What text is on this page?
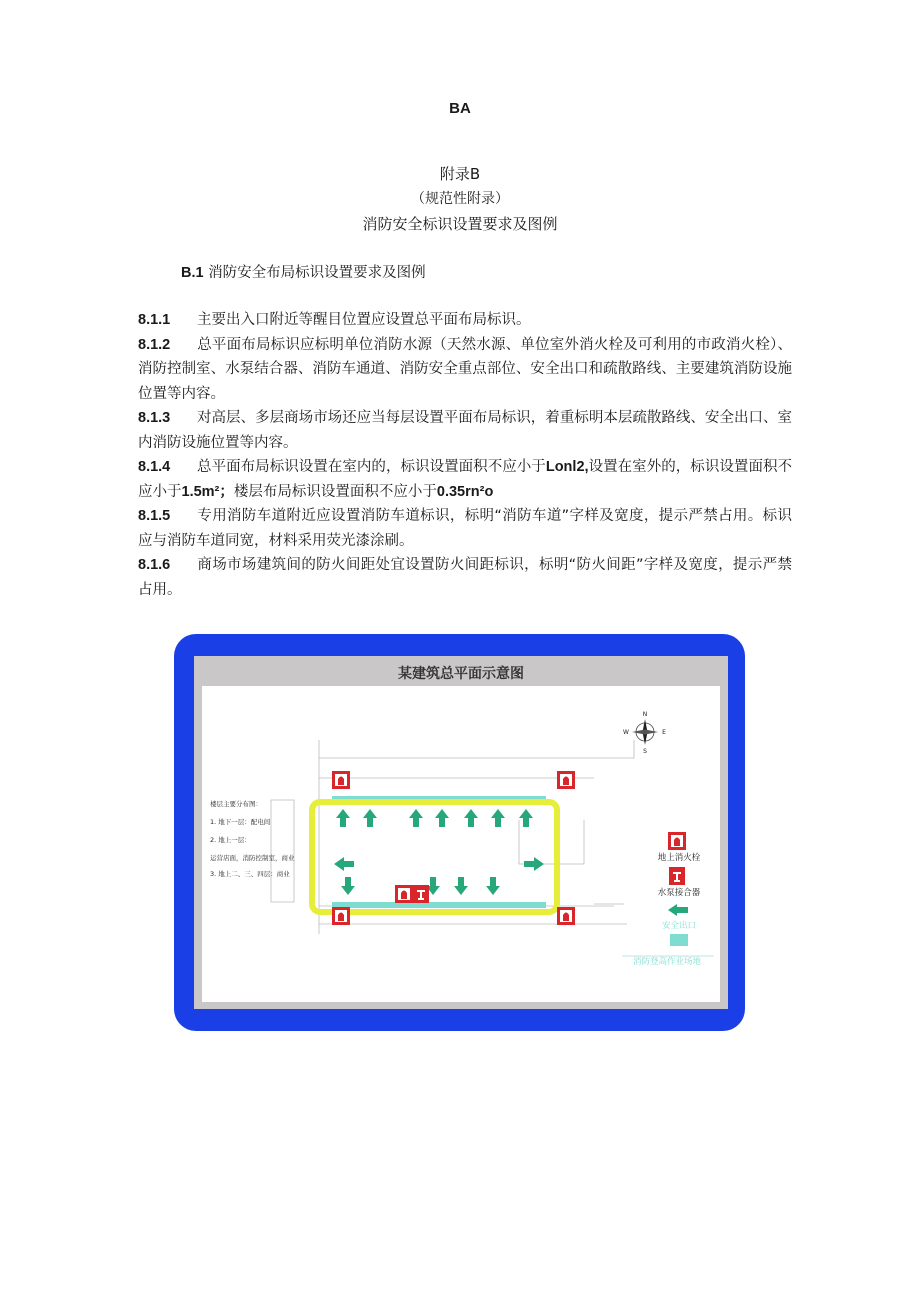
BA
附录B
（规范性附录）
消防安全标识设置要求及图例
B.1 消防安全布局标识设置要求及图例

8.1.1 主要出入口附近等醒目位置应设置总平面布局标识。

8.1.2 总平面布局标识应标明单位消防水源（天然水源、单位室外消火栓及可利用的市政消火栓）、消防控制室、水泵结合器、消防车通道、消防安全重点部位、安全出口和疏散路线、主要建筑消防设施位置等内容。

8.1.3 对高层、多层商场市场还应当每层设置平面布局标识，着重标明本层疏散路线、安全出口、室内消防设施位置等内容。

8.1.4 总平面布局标识设置在室内的，标识设置面积不应小于Lonl2,设置在室外的，标识设置面积不应小于1.5m²；楼层布局标识设置面积不应小于0.35rn²o

8.1.5 专用消防车道附近应设置消防车道标识，标明“消防车道”字样及宽度，提示严禁占用。标识应与消防车道同宽，材料采用荧光漆涂刷。

8.1.6 商场市场建筑间的防火间距处宜设置防火间距标识，标明“防火间距”字样及宽度，提示严禁占用。

某建筑总平面示意图
N
S
E
W
楼层主要分布图：
1. 地下一层：配电间
2. 地上一层：
运营店面，消防控制室，商业
3. 地上二、三、四层：商业
地上消火栓
水泵接合器
安全出口
消防登高作业场地
